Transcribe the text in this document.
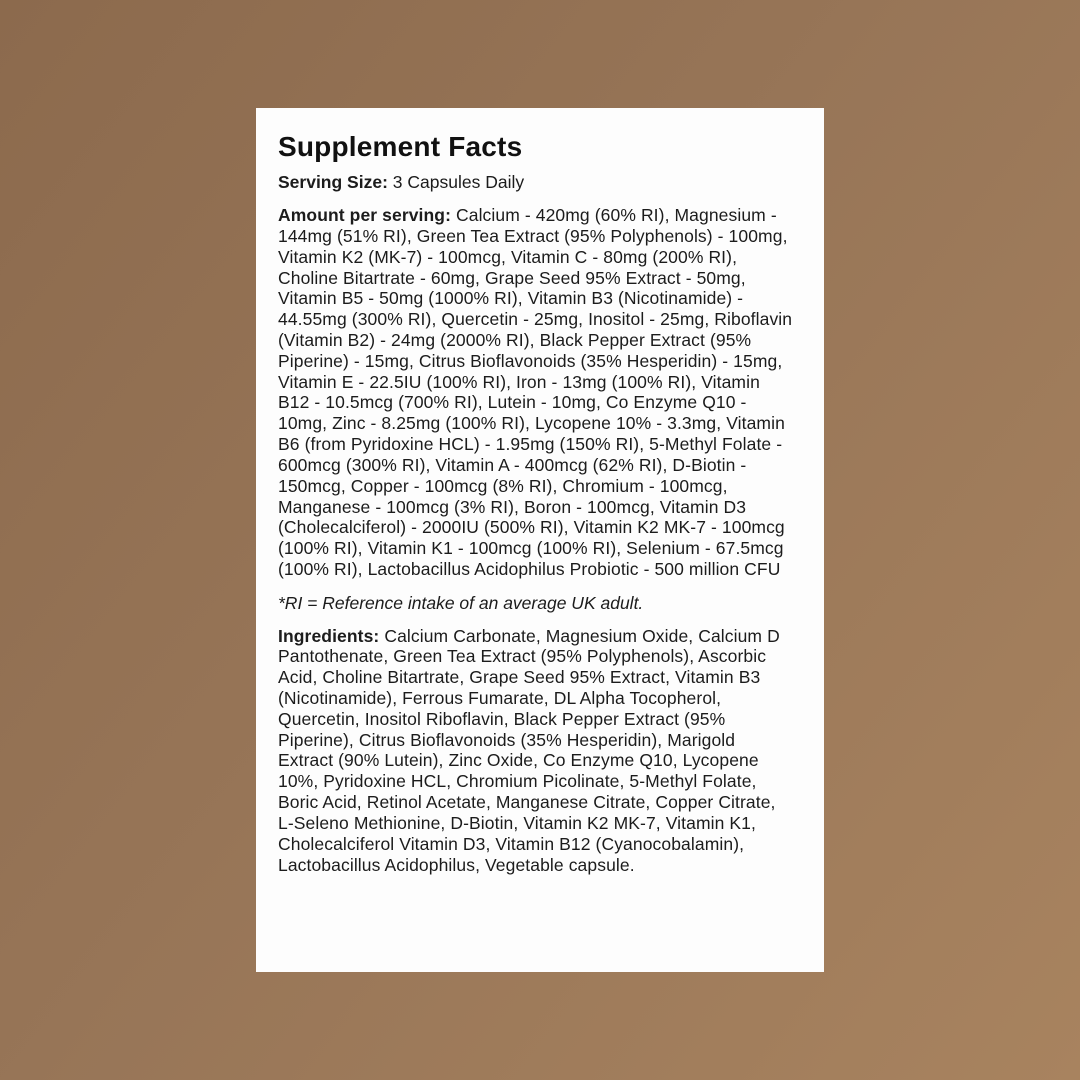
Supplement Facts
Serving Size: 3 Capsules Daily
Amount per serving: Calcium - 420mg (60% RI), Magnesium - 144mg (51% RI), Green Tea Extract (95% Polyphenols) - 100mg, Vitamin K2 (MK-7) - 100mcg, Vitamin C - 80mg (200% RI), Choline Bitartrate - 60mg, Grape Seed 95% Extract - 50mg, Vitamin B5 - 50mg (1000% RI), Vitamin B3 (Nicotinamide) - 44.55mg (300% RI), Quercetin - 25mg, Inositol - 25mg, Riboflavin (Vitamin B2) - 24mg (2000% RI), Black Pepper Extract (95% Piperine) - 15mg, Citrus Bioflavonoids (35% Hesperidin) - 15mg, Vitamin E - 22.5IU (100% RI), Iron - 13mg (100% RI), Vitamin B12 - 10.5mcg (700% RI), Lutein - 10mg, Co Enzyme Q10 - 10mg, Zinc - 8.25mg (100% RI), Lycopene 10% - 3.3mg, Vitamin B6 (from Pyridoxine HCL) - 1.95mg (150% RI), 5-Methyl Folate - 600mcg (300% RI), Vitamin A - 400mcg (62% RI), D-Biotin - 150mcg, Copper - 100mcg (8% RI), Chromium - 100mcg, Manganese - 100mcg (3% RI), Boron - 100mcg, Vitamin D3 (Cholecalciferol) - 2000IU (500% RI), Vitamin K2 MK-7 - 100mcg (100% RI), Vitamin K1 - 100mcg (100% RI), Selenium - 67.5mcg (100% RI), Lactobacillus Acidophilus Probiotic - 500 million CFU
*RI = Reference intake of an average UK adult.
Ingredients: Calcium Carbonate, Magnesium Oxide, Calcium D Pantothenate, Green Tea Extract (95% Polyphenols), Ascorbic Acid, Choline Bitartrate, Grape Seed 95% Extract, Vitamin B3 (Nicotinamide), Ferrous Fumarate, DL Alpha Tocopherol, Quercetin, Inositol Riboflavin, Black Pepper Extract (95% Piperine), Citrus Bioflavonoids (35% Hesperidin), Marigold Extract (90% Lutein), Zinc Oxide, Co Enzyme Q10, Lycopene 10%, Pyridoxine HCL, Chromium Picolinate, 5-Methyl Folate, Boric Acid, Retinol Acetate, Manganese Citrate, Copper Citrate, L-Seleno Methionine, D-Biotin, Vitamin K2 MK-7, Vitamin K1, Cholecalciferol Vitamin D3, Vitamin B12 (Cyanocobalamin), Lactobacillus Acidophilus, Vegetable capsule.
